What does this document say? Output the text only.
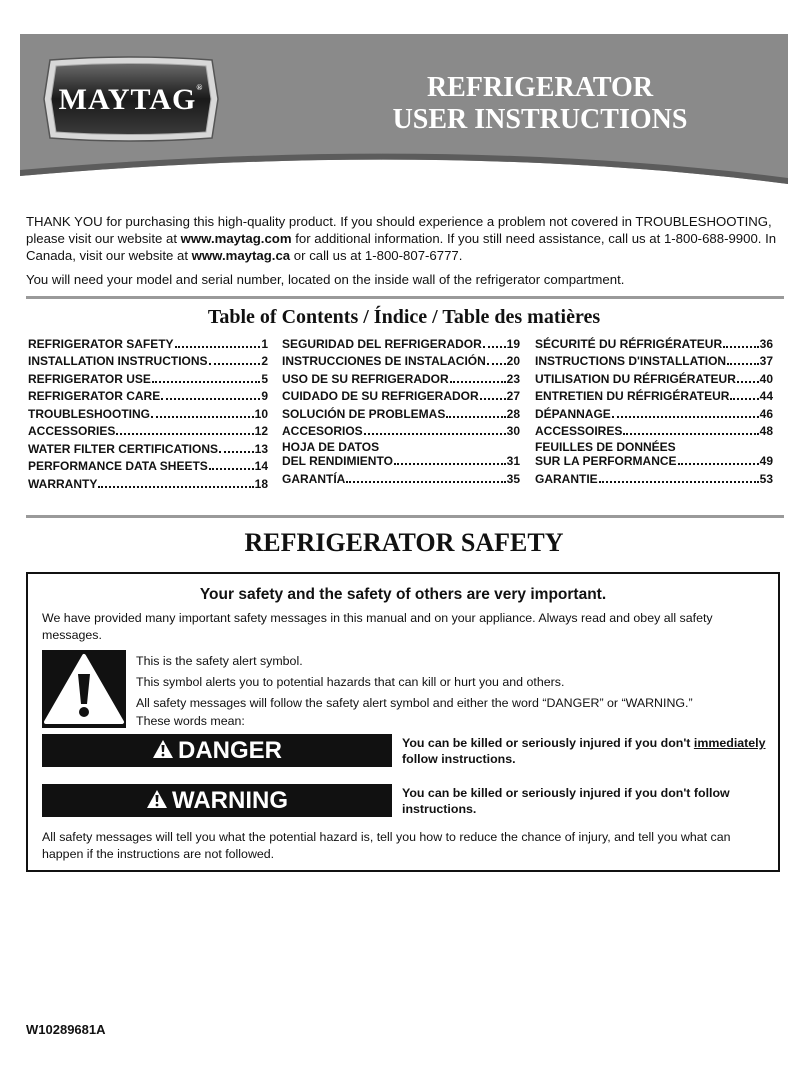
MAYTAG®	REFRIGERATOR
USER INSTRUCTIONS

THANK YOU for purchasing this high-quality product. If you should experience a problem not covered in TROUBLESHOOTING, please visit our website at www.maytag.com for additional information. If you still need assistance, call us at 1-800-688-9900. In Canada, visit our website at www.maytag.ca or call us at 1-800-807-6777.

You will need your model and serial number, located on the inside wall of the refrigerator compartment.

Table of Contents / Índice / Table des matières
REFRIGERATOR SAFETY	1
INSTALLATION INSTRUCTIONS	2
REFRIGERATOR USE	5
REFRIGERATOR CARE	9
TROUBLESHOOTING	10
ACCESSORIES	12
WATER FILTER CERTIFICATIONS	13
PERFORMANCE DATA SHEETS	14
WARRANTY	18
SEGURIDAD DEL REFRIGERADOR 19
INSTRUCCIONES DE INSTALACIÓN 20
USO DE SU REFRIGERADOR	23
CUIDADO DE SU REFRIGERADOR 27
SOLUCIÓN DE PROBLEMAS	28
ACCESORIOS	30
HOJA DE DATOS
DEL RENDIMIENTO	31
GARANTÍA	35
SÉCURITÉ DU RÉFRIGÉRATEUR	36
INSTRUCTIONS D'INSTALLATION	37
UTILISATION DU RÉFRIGÉRATEUR 40
ENTRETIEN DU RÉFRIGÉRATEUR	44
DÉPANNAGE	46
ACCESSOIRES	48
FEUILLES DE DONNÉES
SUR LA PERFORMANCE	49
GARANTIE	53
REFRIGERATOR SAFETY
Your safety and the safety of others are very important.
We have provided many important safety messages in this manual and on your appliance. Always read and obey all safety messages.
This is the safety alert symbol.
This symbol alerts you to potential hazards that can kill or hurt you and others.
All safety messages will follow the safety alert symbol and either the word “DANGER” or “WARNING.”
These words mean:
DANGER	You can be killed or seriously injured if you don't immediately follow instructions.
WARNING	You can be killed or seriously injured if you don't follow instructions.
All safety messages will tell you what the potential hazard is, tell you how to reduce the chance of injury, and tell you what can happen if the instructions are not followed.
W10289681A
